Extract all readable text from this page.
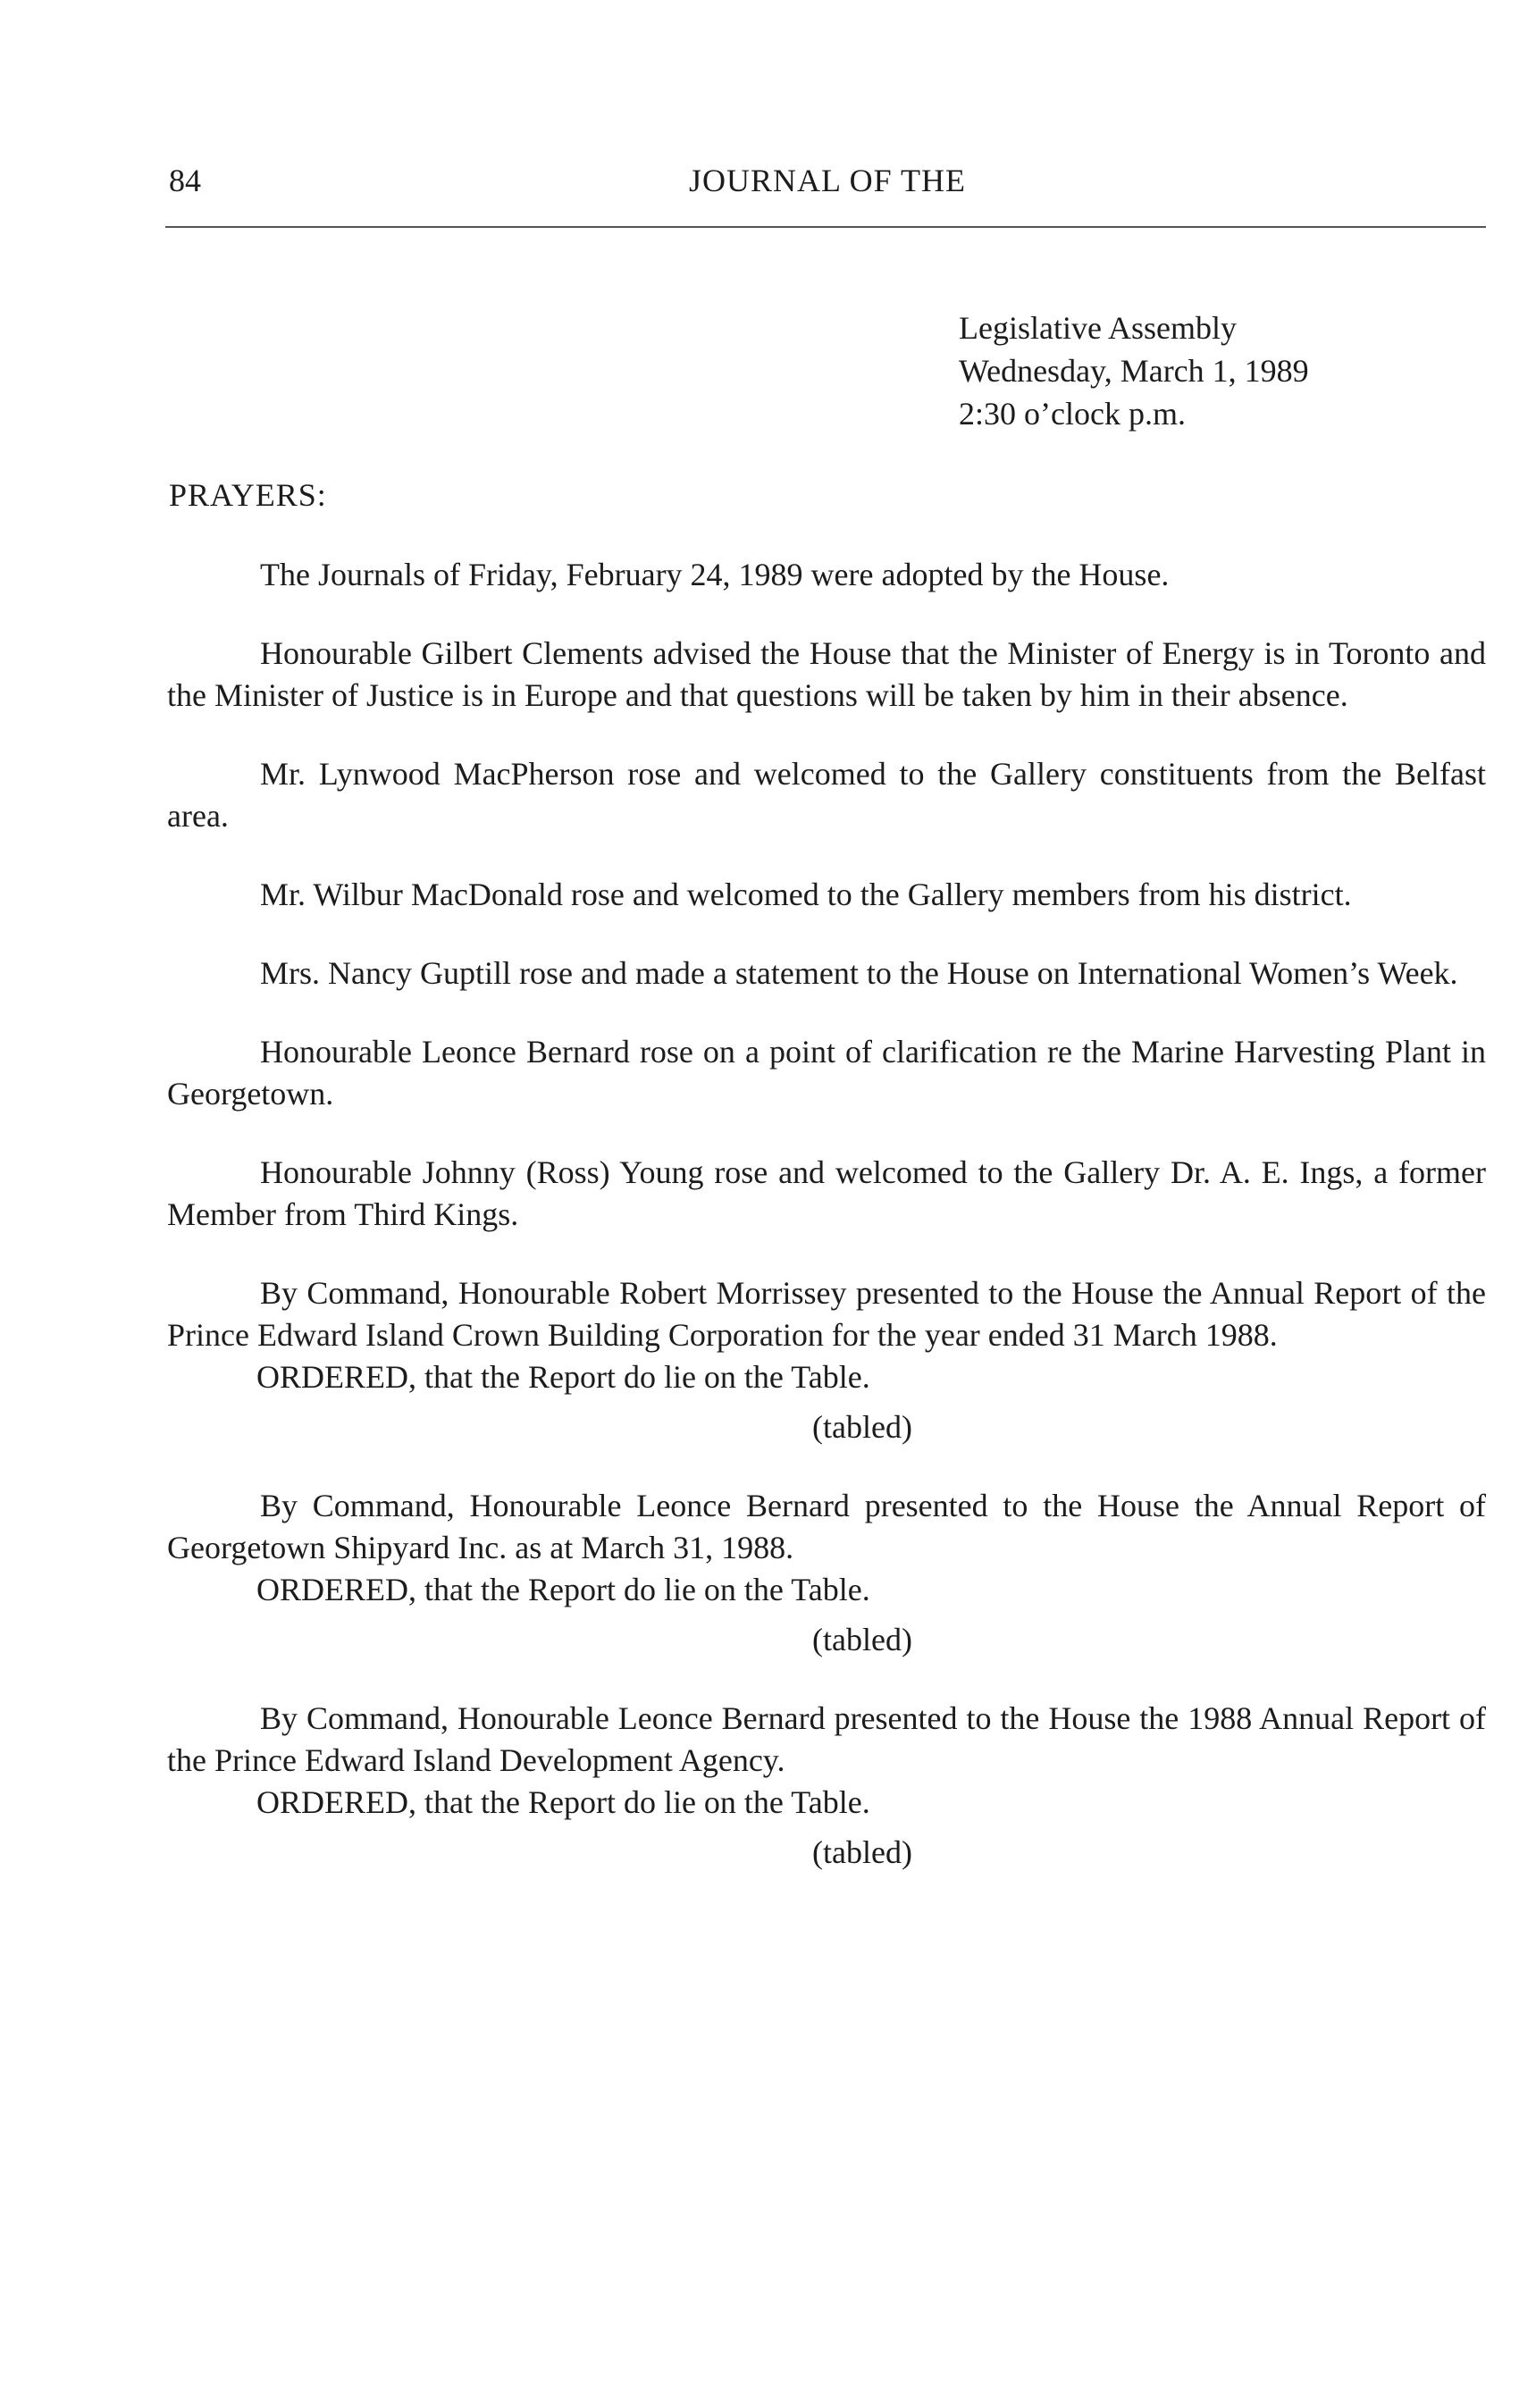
84	JOURNAL OF THE
Legislative Assembly
Wednesday, March 1, 1989
2:30 o’clock p.m.
PRAYERS:

The Journals of Friday, February 24, 1989 were adopted by the House.

Honourable Gilbert Clements advised the House that the Minister of Energy is in Toronto and the Minister of Justice is in Europe and that questions will be taken by him in their absence.

Mr. Lynwood MacPherson rose and welcomed to the Gallery constituents from the Belfast area.

Mr. Wilbur MacDonald rose and welcomed to the Gallery members from his district.

Mrs. Nancy Guptill rose and made a statement to the House on International Women’s Week.

Honourable Leonce Bernard rose on a point of clarification re the Marine Harvesting Plant in Georgetown.

Honourable Johnny (Ross) Young rose and welcomed to the Gallery Dr. A. E. Ings, a former Member from Third Kings.

By Command, Honourable Robert Morrissey presented to the House the Annual Report of the Prince Edward Island Crown Building Corporation for the year ended 31 March 1988.

ORDERED, that the Report do lie on the Table.

(tabled)

By Command, Honourable Leonce Bernard presented to the House the Annual Report of Georgetown Shipyard Inc. as at March 31, 1988.

ORDERED, that the Report do lie on the Table.

(tabled)

By Command, Honourable Leonce Bernard presented to the House the 1988 Annual Report of the Prince Edward Island Development Agency.

ORDERED, that the Report do lie on the Table.

(tabled)
